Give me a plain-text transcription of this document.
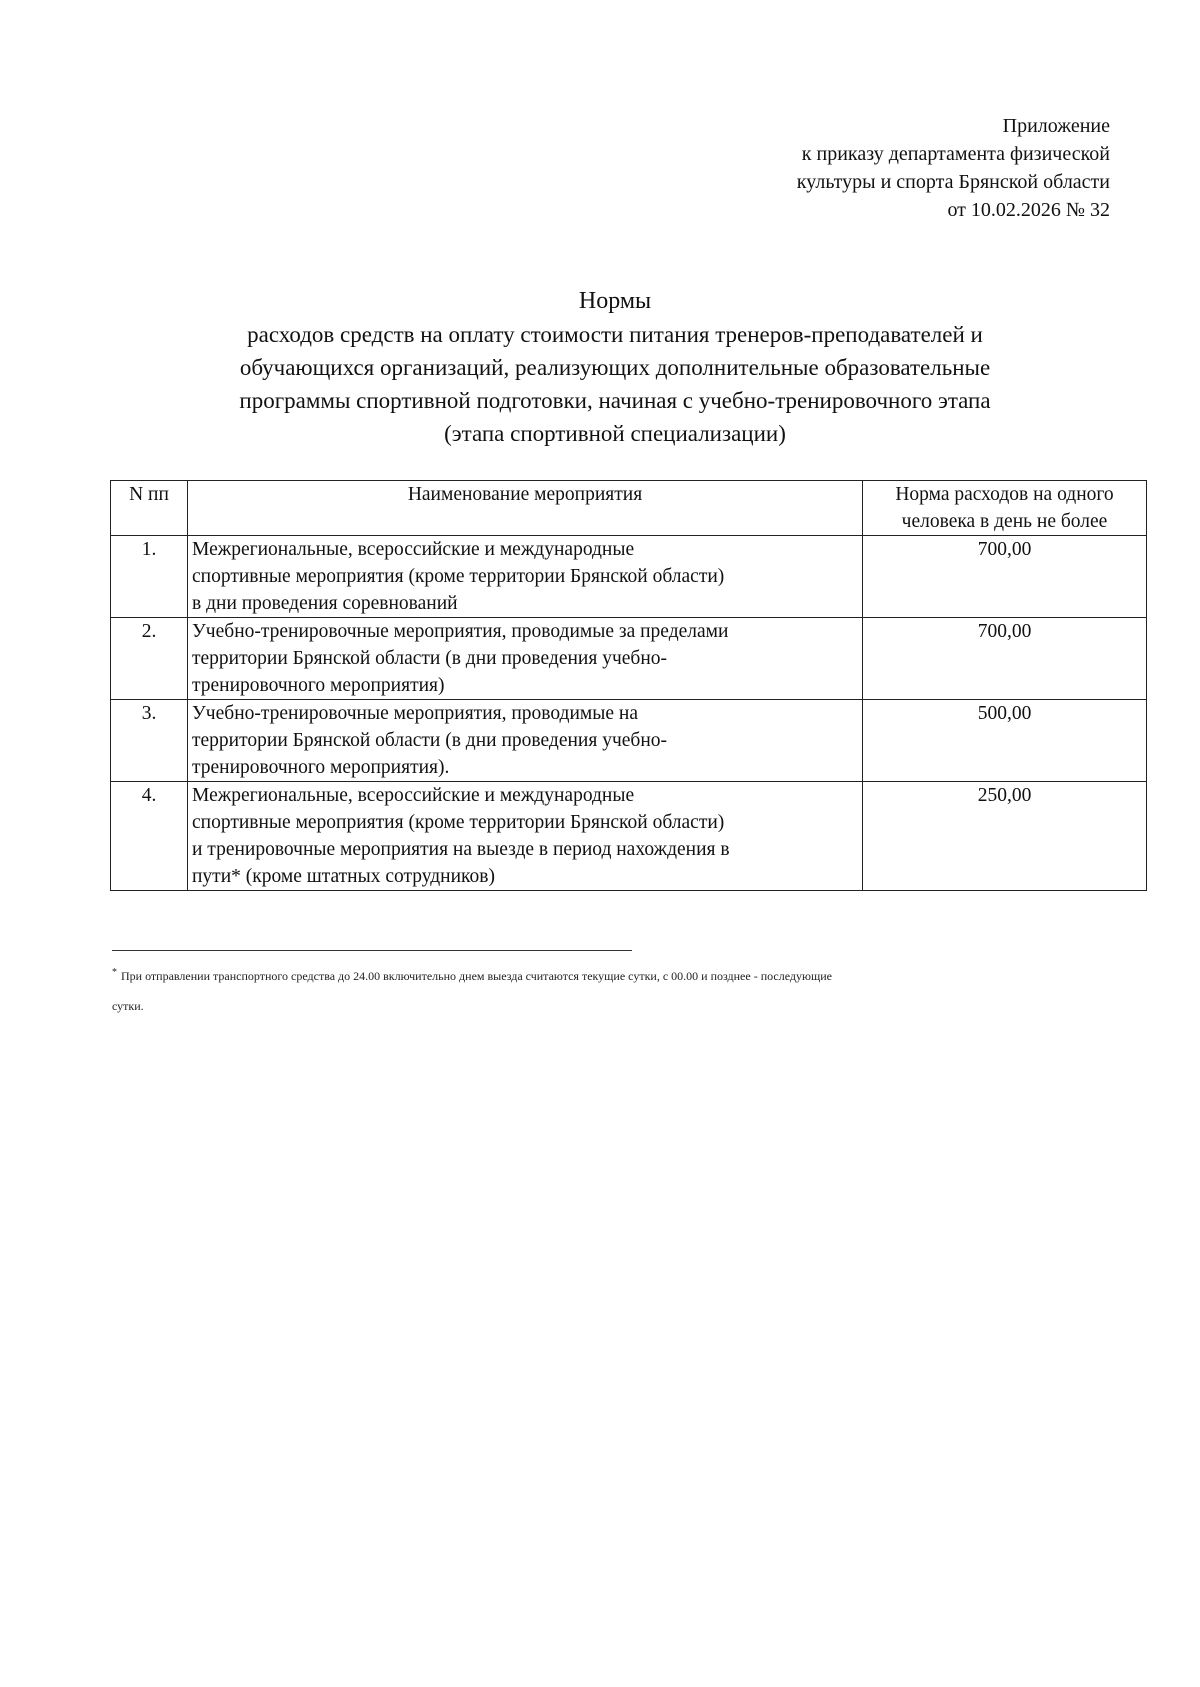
Приложение
к приказу департамента физической
культуры и спорта Брянской области
от 10.02.2026 № 32
Нормы
расходов средств на оплату стоимости питания тренеров-преподавателей и
обучающихся организаций, реализующих дополнительные образовательные
программы спортивной подготовки, начиная с учебно-тренировочного этапа
(этапа спортивной специализации)
N пп	Наименование мероприятия	Норма расходов на одного
человека в день не более

1.	Межрегиональные, всероссийские и международные
спортивные мероприятия (кроме территории Брянской области)
в дни проведения соревнований	700,00
2.	Учебно-тренировочные мероприятия, проводимые за пределами
территории Брянской области (в дни проведения учебно-
тренировочного мероприятия)	700,00
3.	Учебно-тренировочные мероприятия, проводимые на
территории Брянской области (в дни проведения учебно-
тренировочного мероприятия).	500,00
4.	Межрегиональные, всероссийские и международные
спортивные мероприятия (кроме территории Брянской области)
и тренировочные мероприятия на выезде в период нахождения в
пути* (кроме штатных сотрудников)	250,00
* При отправлении транспортного средства до 24.00 включительно днем выезда считаются текущие сутки, с 00.00 и позднее - последующие
сутки.
